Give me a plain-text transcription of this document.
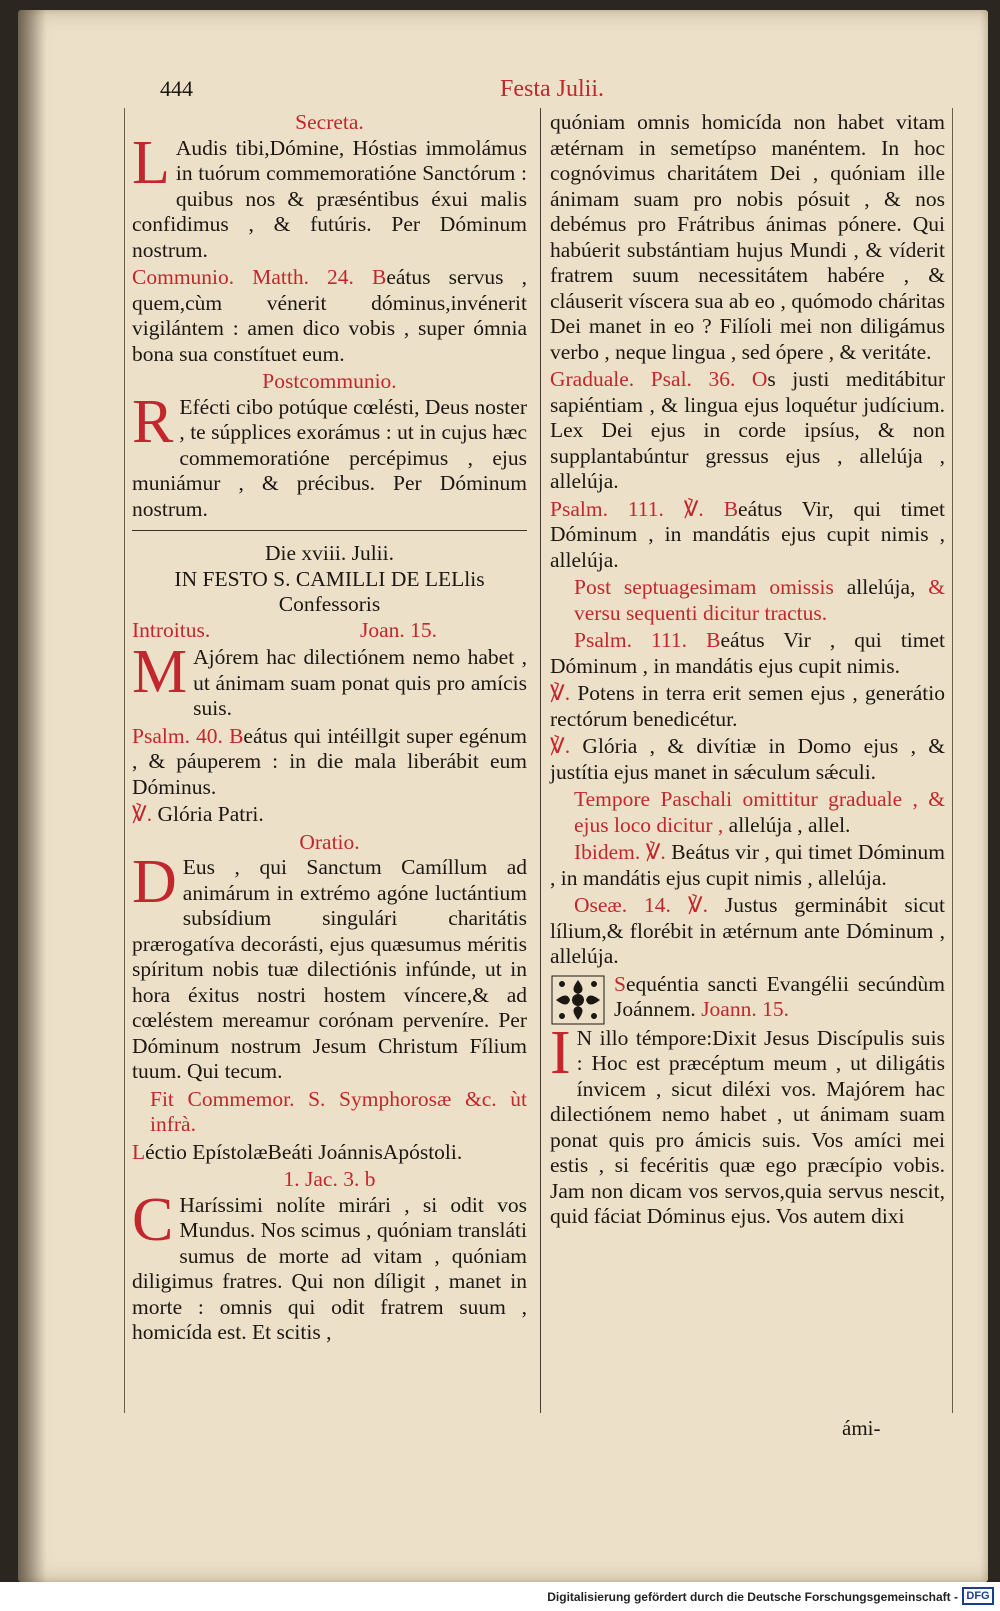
444	Festa Julii.
Secreta.
L Audis tibi,Dómine, Hóstias immolámus in tuórum commemoratióne Sanctórum : quibus nos & præséntibus éxui malis confidimus , & futúris. Per Dóminum nostrum.
Communio. Matth. 24. Beátus servus , quem,cùm vénerit dóminus,invénerit vigilántem : amen dico vobis , super ómnia bona sua constítuet eum.
Postcommunio.
R Eféсti cibo potúque cœlésti, Deus noster , te súpplices exorámus : ut in cujus hæc commemoratióne percépimus , ejus muniámur , & précibus. Per Dóminum nostrum.
Die xviii. Julii.
IN FESTO S. CAMILLI DE LELlis Confessoris
Introitus.	Joan. 15.
M Ajórem hac dilectiónem nemo habet , ut ánimam suam ponat quis pro amícis suis.
Psalm. 40. Beátus qui intéillgit super egénum , & páuperem : in die mala liberábit eum Dóminus.
℣. Glória Patri.
Oratio.
D Eus , qui Sanctum Camíllum ad animárum in extrémo agóne luctántium subsídium singulári charitátis prærogatíva decorásti, ejus quæsumus méritis spíritum nobis tuæ dilectiónis infúnde, ut in hora éxitus nostri hostem víncere,& ad cœléstem mereamur corónam perveníre. Per Dóminum nostrum Jesum Christum Fílium tuum. Qui tecum.
Fit Commemor. S. Symphorosæ &c. ùt infrà.
Léctio EpístolæBeáti JoánnisApóstoli.
1. Jac. 3. b
C Haríssimi nolíte mirári , si odit vos Mundus. Nos scimus , quóniam transláti sumus de morte ad vitam , quóniam diligimus fratres. Qui non díligit , manet in morte : omnis qui odit fratrem suum , homicída est. Et scitis ,
quóniam omnis homicída non habet vitam ætérnam in semetípso manéntem. In hoc cognóvimus charitátem Dei , quóniam ille ánimam suam pro nobis pósuit , & nos debémus pro Frátribus ánimas pónere. Qui habúerit substántiam hujus Mundi , & víderit fratrem suum necessitátem habére , & cláuserit víscera sua ab eo , quómodo cháritas Dei manet in eo ? Filíoli mei non diligámus verbo , neque lingua , sed ópere , & veritáte.
Graduale. Psal. 36. Os justi meditábitur sapiéntiam , & lingua ejus loquétur judícium. Lex Dei ejus in corde ipsíus, & non supplantabúntur gressus ejus , allelúja , allelúja.
Psalm. 111. ℣. Beátus Vir, qui timet Dóminum , in mandátis ejus cupit nimis , allelúja.
Post septuagesimam omissis allelúja, & versu sequenti dicitur tractus.
Psalm. 111. Beátus Vir , qui timet Dóminum , in mandátis ejus cupit nimis.
℣. Potens in terra erit semen ejus , generátio rectórum benedicétur.
℣. Glória , & divítiæ in Domo ejus , & justítia ejus manet in sǽculum sǽculi.
Tempore Paschali omittitur graduale , & ejus loco dicitur , allelúja , allel.
Ibidem. ℣. Beátus vir , qui timet Dóminum , in mandátis ejus cupit nimis , allelúja.
Oseæ. 14. ℣. Justus germinábit sicut lílium,& florébit in ætérnum ante Dóminum , allelúja.
Sequéntia sancti Evangélii secúndùm Joánnem. Joann. 15.
I N illo témpore:Dixit Jesus Discípulis suis : Hoc est præcéptum meum , ut diligátis ínvicem , sicut diléxi vos. Majórem hac dilectiónem nemo habet , ut ánimam suam ponat quis pro ámicis suis. Vos amíci mei estis , si fecéritis quæ ego præcípio vobis. Jam non dicam vos servos,quia servus nescit, quid fáciat Dóminus ejus. Vos autem dixi
ámi-
Digitalisierung gefördert durch die Deutsche Forschungsgemeinschaft - DFG
